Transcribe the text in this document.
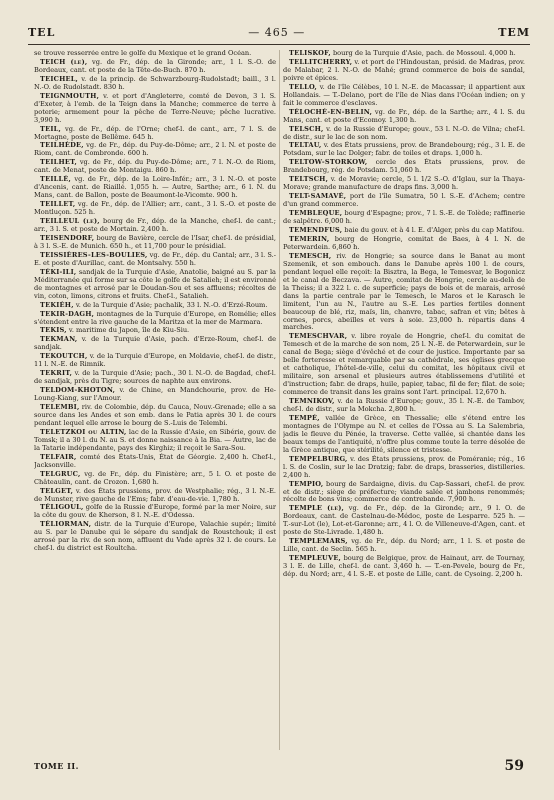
TEL	— 465 —	TEM

se trouve resserrée entre le golfe du Mexique et le grand Océan.

TEICH (le), vg. de Fr., dép. de la Gironde; arr., 1 l. S.-O. de Bordeaux, cant. et poste de la Tête-de-Buch. 870 h.

TEICHEL, v. de la princip. de Schwarzbourg-Rudolstadt; baill., 3 l. N.-O. de Rudolstadt. 830 h.

TEIGNMOUTH, v. et port d'Angleterre, comté de Devon, 3 l. S. d'Exeter, à l'emb. de la Teign dans la Manche; commerce de terre à poterie; armement pour la pêche de Terre-Neuve; pêche lucrative. 3,990 h.

TEIL, vg. de Fr., dép. de l'Orne; chef-l. de cant., arr., 7 l. S. de Mortagne, poste de Bellême. 645 h.

TEILHÈDE, vg. de Fr., dép. du Puy-de-Dôme; arr., 2 l. N. et poste de Riom, cant. de Combronde. 600 h.

TEILHET, vg. de Fr., dép. du Puy-de-Dôme; arr., 7 l. N.-O. de Riom, cant. de Menat, poste de Montaigu. 860 h.

TEILLÉ, vg. de Fr., dép. de la Loire-Infér.; arr., 3 l. N.-O. et poste d'Ancenis, cant. de Riaillé. 1,055 h. — Autre, Sarthe; arr., 6 l. N. du Mans, cant. de Ballon, poste de Beaumont-le-Vicomte. 900 h.

TEILLET, vg. de Fr., dép. de l'Allier; arr., cant., 3 l. S.-O. et poste de Montluçon. 525 h.

TEILLEUL (le), bourg de Fr., dép. de la Manche, chef-l. de cant.; arr., 3 l. S. et poste de Mortain. 2,400 h.

TEISENDORF, bourg de Bavière, cercle de l'Isar, chef-l. de présidial, à 3 l. S.-E. de Munich. 650 h., et 11,700 pour le présidial.

TEISSIÈRES-LES-BOULIES, vg. de Fr., dép. du Cantal; arr., 3 l. S.-E. et poste d'Aurillac, cant. de Montsalvy. 550 h.

TÉKI-ILI, sandjak de la Turquie d'Asie, Anatolie, baigné au S. par la Méditerranée qui forme sur sa côte le golfe de Satalieh; il est environné de montagnes et arrosé par le Doudan-Sou et ses affluens; récoltes de vin, coton, limons, citrons et fruits. Chef-l., Satalieh.

TEKIÉH, v. de la Turquie d'Asie; pachalik, 33 l. N.-O. d'Erzé-Roum.

TEKIR-DAGH, montagnes de la Turquie d'Europe, en Romélie; elles s'étendent entre la rive gauche de la Maritza et la mer de Marmara.

TEKIS, v. maritime du Japon, île de Kiu-Siu.

TEKMAN, v. de la Turquie d'Asie, pach. d'Erze-Roum, chef-l. de sandjak.

TEKOUTCH, v. de la Turquie d'Europe, en Moldavie, chef-l. de distr., 11 l. N.-E. de Rimnik.

TEKRIT, v. de la Turquie d'Asie; pach., 30 l. N.-O. de Bagdad, chef-l. de sandjak, près du Tigre; sources de naphte aux environs.

TELDOM-KHOTON, v. de Chine, en Mandchourie, prov. de He-Loung-Kiang, sur l'Amour.

TELEMBI, riv. de Colombie, dép. du Cauca, Nouv.-Grenade; elle a sa source dans les Andes et son emb. dans le Patia après 30 l. de cours pendant lequel elle arrose le bourg de S.-Luis de Telembi.

TELETZKOI ou ALTIN, lac de la Russie d'Asie, en Sibérie, gouv. de Tomsk; il a 30 l. du N. au S. et donne naissance à la Bia. — Autre, lac de la Tatarie indépendante, pays des Kirghiz; il reçoit le Sara-Sou.

TELFAIR, comté des États-Unis, État de Géorgie. 2,400 h. Chef-l., Jacksonville.

TELGRUC, vg. de Fr., dép. du Finistère; arr., 5 l. O. et poste de Châteaulin, cant. de Crozon. 1,680 h.

TELGET, v. des États prussiens, prov. de Westphalie; rég., 3 l. N.-E. de Munster, rive gauche de l'Ems; fabr. d'eau-de-vie. 1,780 h.

TÉLIGOUL, golfe de la Russie d'Europe, formé par la mer Noire, sur la côte du gouv. de Kherson, 8 l. N.-E. d'Odessa.

TÉLIORMAN, distr. de la Turquie d'Europe, Valachie supér.; limité au S. par le Danube qui le sépare du sandjak de Roustchouk; il est arrosé par la riv. de son nom, affluent du Vade après 32 l. de cours. Le chef-l. du district est Roultcha.

TELISKOF, bourg de la Turquie d'Asie, pach. de Mossoul. 4,000 h.

TELLITCHERRY, v. et port de l'Hindoustan, présid. de Madras, prov. de Malabar, 2 l. N.-O. de Mahé; grand commerce de bois de sandal, poivre et épices.

TELLO, v. de l'île Célèbes, 10 l. N.-E. de Macassar; il appartient aux Hollandais. — T.-Delano, port de l'île de Nias dans l'Océan indien; on y fait le commerce d'esclaves.

TÉLOCHÉ-EN-BELIN, vg. de Fr., dép. de la Sarthe; arr., 4 l. S. du Mans, cant. et poste d'Ecomoy. 1,300 h.

TELSCH, v. de la Russie d'Europe; gouv., 53 l. N.-O. de Vilna; chef-l. de distr., sur le lac de son nom.

TELTAU, v. des États prussiens, prov. de Brandebourg; rég., 3 l. E. de Potsdam, sur le lac Dolger; fabr. de toiles et draps. 1,000 h.

TELTOW-STORKOW, cercle des États prussiens, prov. de Brandebourg, rég. de Potsdam. 51,060 h.

TELTSCH, v. de Moravie; cercle, 5 l. 1/2 S.-O. d'Iglau, sur la Thaya-Morave; grande manufacture de draps fins. 3,000 h.

TELT-SAMAVÉ, port de l'île Sumatra, 50 l. S.-E. d'Achem; centre d'un grand commerce.

TEMBLEQUE, bourg d'Espagne; prov., 7 l. S.-E. de Tolède; raffinerie de salpêtre. 6,000 h.

TEMENDFUS, baie du gouv. et à 4 l. E. d'Alger, près du cap Matifou.

TEMERIN, bourg de Hongrie, comitat de Baes, à 4 l. N. de Peterwardein. 6,860 h.

TEMESCH, riv. de Hongrie; sa source dans le Banat au mont Szemenik, et son embouch. dans le Danube après 100 l. de cours, pendant lequel elle reçoit: la Bisztra, la Bega, le Temesvar, le Bogonicz et le canal de Beczava. — Autre, comitat de Hongrie, cercle au-delà de la Theiss; il a 322 l. c. de superficie; pays de bois et de marais, arrosé dans la partie centrale par le Temesch, le Maros et le Karasch le limitent, l'un au N., l'autre au S.-E. Les parties fertiles donnent beaucoup de blé, riz, maïs, lin, chanvre, tabac, safran et vin; bêtes à cornes, porcs, abeilles et vers à soie. 23,000 h. répartis dans 4 marches.

TEMESCHVAR, v. libre royale de Hongrie, chef-l. du comitat de Temesch et de la marche de son nom, 25 l. N.-E. de Peterwardein, sur le canal de Bega; siège d'évêché et de cour de justice. Importante par sa belle forteresse et remarquable par sa cathédrale, ses églises grecque et catholique, l'hôtel-de-ville, celui du comitat, les hôpitaux civil et militaire, son arsenal et plusieurs autres établissemens d'utilité et d'instruction; fabr. de draps, huile, papier, tabac, fil de fer; filat. de soie; commerce de transit dans les grains sont l'art. principal. 12,670 h.

TEMNIKOV, v. de la Russie d'Europe; gouv., 35 l. N.-E. de Tambov, chef-l. de distr., sur la Mokcha. 2,800 h.

TEMPÉ, vallée de Grèce, en Thessalie; elle s'étend entre les montagnes de l'Olympe au N. et celles de l'Ossa au S. La Salembria, jadis le fleuve du Pénée, la traverse. Cette vallée, si chantée dans les beaux temps de l'antiquité, n'offre plus comme toute la terre désolée de la Grèce antique, que stérilité, silence et tristesse.

TEMPELBURG, v. des États prussiens, prov. de Poméranie; rég., 16 l. S. de Coslin, sur le lac Dratzig; fabr. de draps, brasseries, distilleries. 2,400 h.

TEMPIO, bourg de Sardaigne, divis. du Cap-Sassari, chef-l. de prov. et de distr.; siège de préfecture; viande salée et jambons renommés; récolte de bons vins; commerce de contrebande. 7,900 h.

TEMPLE (le), vg. de Fr., dép. de la Gironde; arr., 9 l. O. de Bordeaux, cant. de Castelnau-de-Médoc, poste de Lesparre. 525 h. — T.-sur-Lot (le), Lot-et-Garonne; arr., 4 l. O. de Villeneuve-d'Agen, cant. et poste de Ste-Livrade. 1,480 h.

TEMPLEMARS, vg. de Fr., dép. du Nord; arr., 1 l. S. et poste de Lille, cant. de Seclin. 565 h.

TEMPLEUVE, bourg de Belgique, prov. de Hainaut, arr. de Tournay, 3 l. E. de Lille, chef-l. de cant. 3,460 h. — T.-en-Pevele, bourg de Fr., dép. du Nord; arr., 4 l. S.-E. et poste de Lille, cant. de Cysoing. 2,200 h.

TOME II.	59
